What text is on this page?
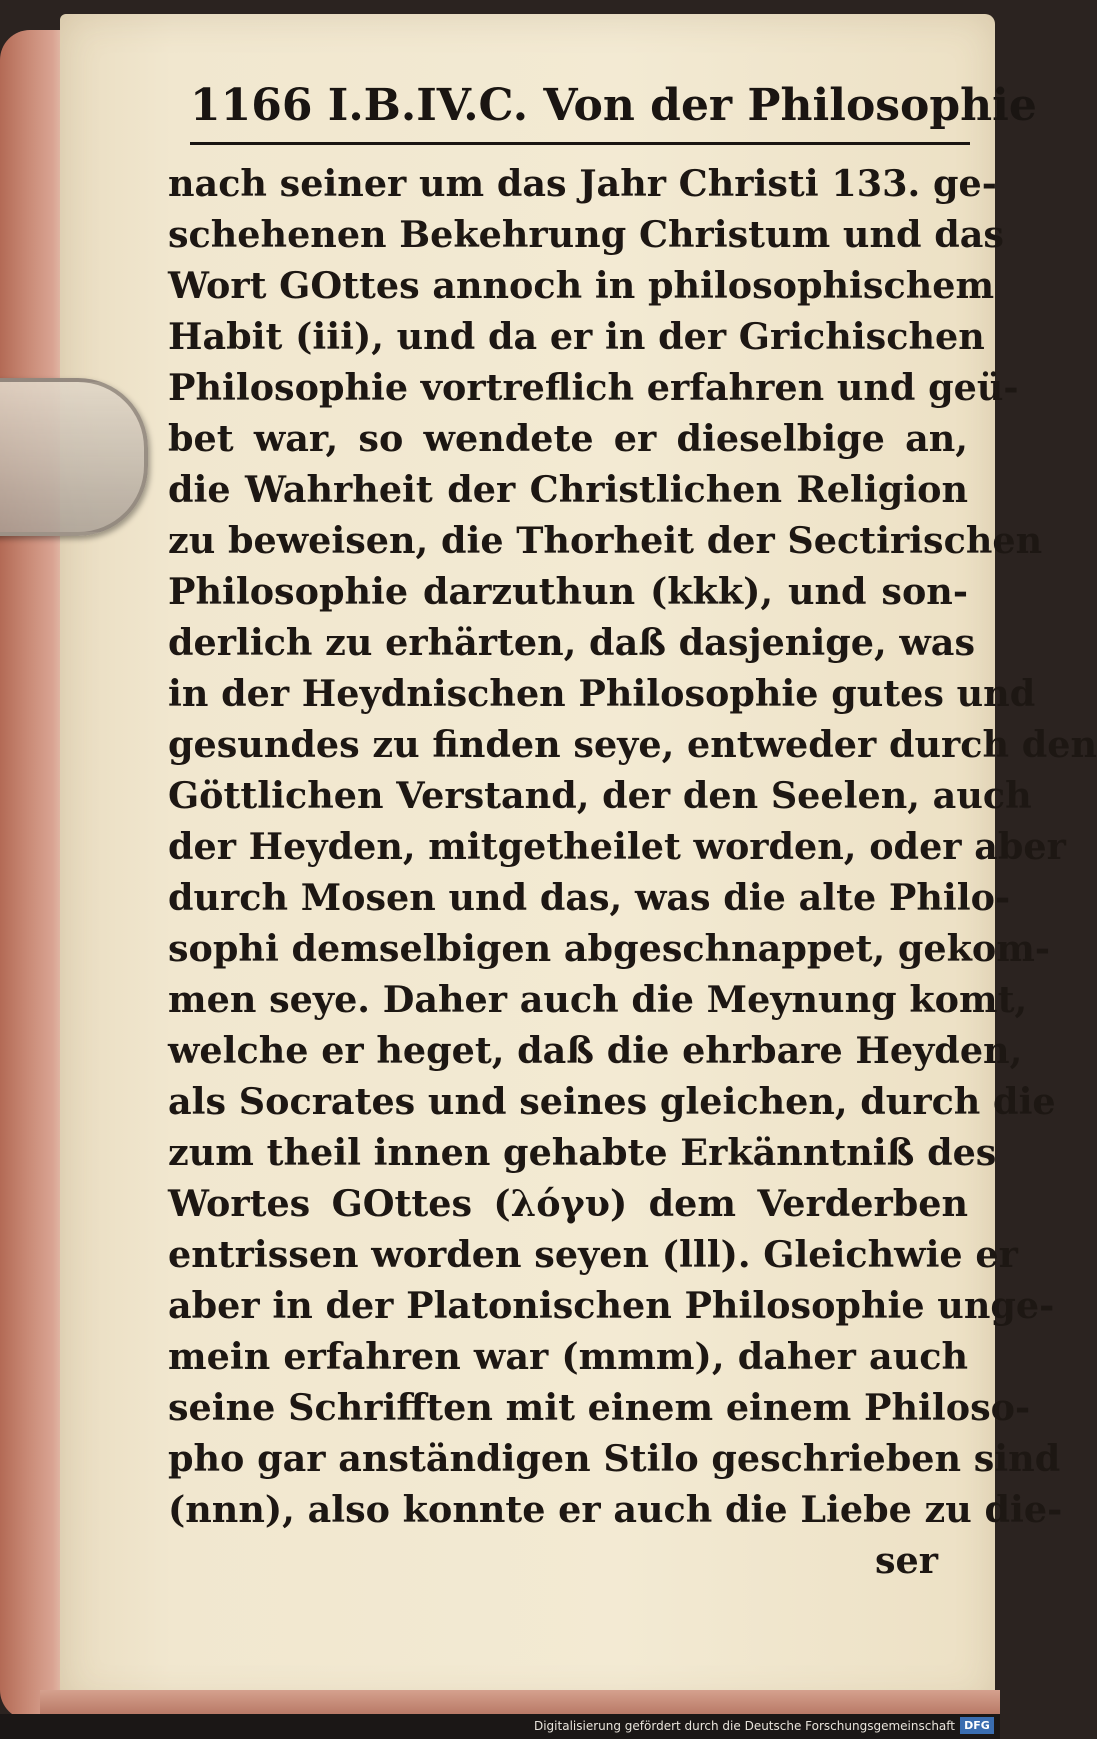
1166 I.B.IV.C. Von der Philosophie
nach seiner um das Jahr Christi 133. ge-
schehenen Bekehrung Christum und das
Wort GOttes annoch in philosophischem
Habit (iii), und da er in der Grichischen
Philosophie vortreflich erfahren und geü-
bet war, so wendete er dieselbige an,
die Wahrheit der Christlichen Religion
zu beweisen, die Thorheit der Sectirischen
Philosophie darzuthun (kkk), und son-
derlich zu erhärten, daß dasjenige, was
in der Heydnischen Philosophie gutes und
gesundes zu finden seye, entweder durch den
Göttlichen Verstand, der den Seelen, auch
der Heyden, mitgetheilet worden, oder aber
durch Mosen und das, was die alte Philo-
sophi demselbigen abgeschnappet, gekom-
men seye. Daher auch die Meynung komt,
welche er heget, daß die ehrbare Heyden,
als Socrates und seines gleichen, durch die
zum theil innen gehabte Erkänntniß des
Wortes GOttes (λόγυ) dem Verderben
entrissen worden seyen (lll). Gleichwie er
aber in der Platonischen Philosophie unge-
mein erfahren war (mmm), daher auch
seine Schrifften mit einem einem Philoso-
pho gar anständigen Stilo geschrieben sind
(nnn), also konnte er auch die Liebe zu die-
ser
Digitalisierung gefördert durch die Deutsche Forschungsgemeinschaft DFG
